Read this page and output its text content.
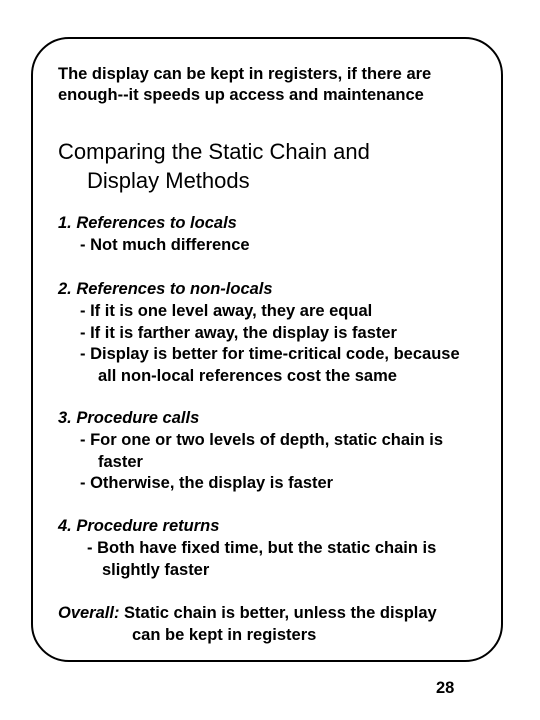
The display can be kept in registers, if there are
enough--it speeds up access and maintenance
Comparing the Static Chain and
Display Methods
1. References to locals
- Not much difference
2. References to non-locals
- If it is one level away, they are equal
- If it is farther away, the display is faster
- Display is better for time-critical code, because
all non-local references cost the same
3. Procedure calls
- For one or two levels of depth, static chain is
faster
- Otherwise, the display is faster
4. Procedure returns
- Both have fixed time, but the static chain is
slightly faster
Overall: Static chain is better, unless the display
can be kept in registers
28
